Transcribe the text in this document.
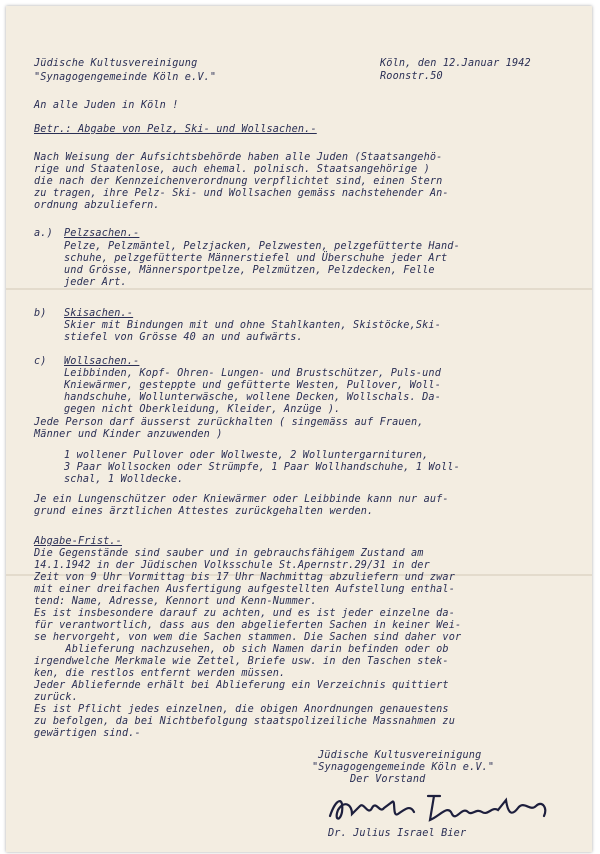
Jüdische Kultusvereinigung
"Synagogengemeinde Köln e.V."
Köln, den 12.Januar 1942
Roonstr.50
An alle Juden in Köln !
Betr.: Abgabe von Pelz, Ski- und Wollsachen.-
Nach Weisung der Aufsichtsbehörde haben alle Juden (Staatsangehö-
rige und Staatenlose, auch ehemal. polnisch. Staatsangehörige )
die nach der Kennzeichenverordnung verpflichtet sind, einen Stern
zu tragen, ihre Pelz- Ski- und Wollsachen gemäss nachstehender An-
ordnung abzuliefern.
a.) Pelzsachen.-
Pelze, Pelzmäntel, Pelzjacken, Pelzwesten, pelzgefütterte Hand-
schuhe, pelzgefütterte Männerstiefel und Überschuhe jeder Art
und Grösse, Männersportpelze, Pelzmützen, Pelzdecken, Felle
jeder Art.
b) Skisachen.-
Skier mit Bindungen mit und ohne Stahlkanten, Skistöcke,Ski-
stiefel von Grösse 40 an und aufwärts.
c) Wollsachen.-
Leibbinden, Kopf- Ohren- Lungen- und Brustschützer, Puls-und
Kniewärmer, gesteppte und gefütterte Westen, Pullover, Woll-
handschuhe, Wollunterwäsche, wollene Decken, Wollschals. Da-
gegen nicht Oberkleidung, Kleider, Anzüge ).
Jede Person darf äusserst zurückhalten ( singemäss auf Frauen,
Männer und Kinder anzuwenden )
1 wollener Pullover oder Wollweste, 2 Wolluntergarnituren,
3 Paar Wollsocken oder Strümpfe, 1 Paar Wollhandschuhe, 1 Woll-
schal, 1 Wolldecke.
Je ein Lungenschützer oder Kniewärmer oder Leibbinde kann nur auf-
grund eines ärztlichen Attestes zurückgehalten werden.
Abgabe-Frist.-
Die Gegenstände sind sauber und in gebrauchsfähigem Zustand am
14.1.1942 in der Jüdischen Volksschule St.Apernstr.29/31 in der
Zeit von 9 Uhr Vormittag bis 17 Uhr Nachmittag abzuliefern und zwar
mit einer dreifachen Ausfertigung aufgestellten Aufstellung enthal-
tend: Name, Adresse, Kennort und Kenn-Nummer.
Es ist insbesondere darauf zu achten, und es ist jeder einzelne da-
für verantwortlich, dass aus den abgelieferten Sachen in keiner Wei-
se hervorgeht, von wem die Sachen stammen. Die Sachen sind daher vor
Ablieferung nachzusehen, ob sich Namen darin befinden oder ob
irgendwelche Merkmale wie Zettel, Briefe usw. in den Taschen stek-
ken, die restlos entfernt werden müssen.
Jeder Abliefernde erhält bei Ablieferung ein Verzeichnis quittiert
zurück.
Es ist Pflicht jedes einzelnen, die obigen Anordnungen genauestens
zu befolgen, da bei Nichtbefolgung staatspolizeiliche Massnahmen zu
gewärtigen sind.-
Jüdische Kultusvereinigung
"Synagogengemeinde Köln e.V."
Der Vorstand
Dr. Julius Israel Bier
